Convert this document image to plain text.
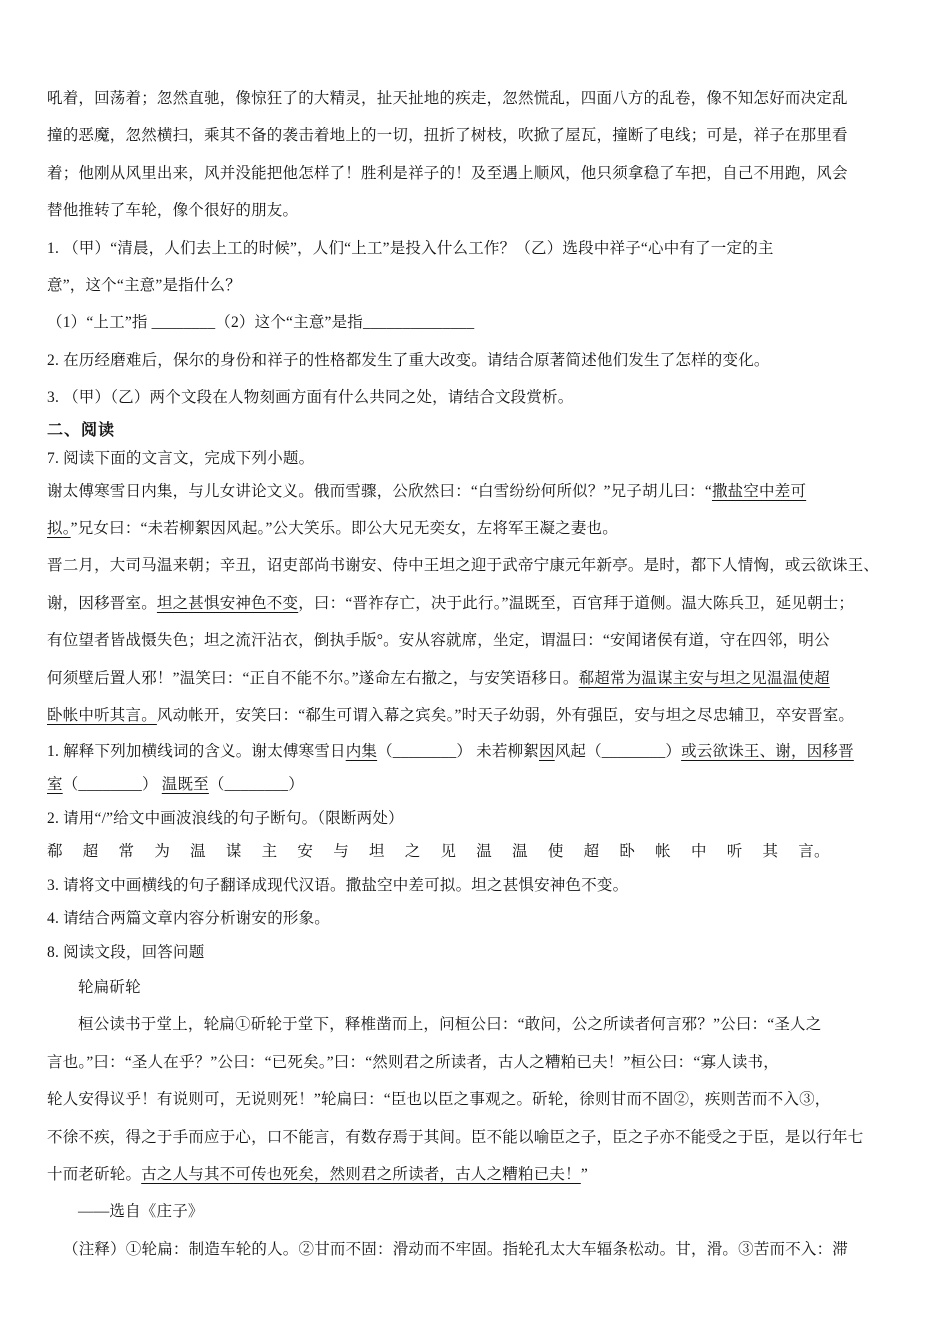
吼着，回荡着；忽然直驰，像惊狂了的大精灵，扯天扯地的疾走，忽然慌乱，四面八方的乱卷，像不知怎好而决定乱
撞的恶魔，忽然横扫，乘其不备的袭击着地上的一切，扭折了树枝，吹掀了屋瓦，撞断了电线；可是，祥子在那里看
着；他刚从风里出来，风并没能把他怎样了！胜利是祥子的！及至遇上顺风，他只须拿稳了车把，自己不用跑，风会
替他推转了车轮，像个很好的朋友。
1. （甲）“清晨，人们去上工的时候”，人们“上工”是投入什么工作？（乙）选段中祥子“心中有了一定的主
意”，这个“主意”是指什么？
（1）“上工”指 ________（2）这个“主意”是指______________
2. 在历经磨难后，保尔的身份和祥子的性格都发生了重大改变。请结合原著简述他们发生了怎样的变化。
3. （甲）（乙）两个文段在人物刻画方面有什么共同之处，请结合文段赏析。
二、阅读
7. 阅读下面的文言文，完成下列小题。
谢太傅寒雪日内集，与儿女讲论文义。俄而雪骤，公欣然曰：“白雪纷纷何所似？”兄子胡儿曰：“撒盐空中差可
拟。”兄女曰：“未若柳絮因风起。”公大笑乐。即公大兄无奕女，左将军王凝之妻也。
晋二月，大司马温来朝；辛丑，诏吏部尚书谢安、侍中王坦之迎于武帝宁康元年新亭。是时，都下人情恟，或云欲诛王、
谢，因移晋室。坦之甚惧安神色不变，曰：“晋祚存亡，决于此行。”温既至，百官拜于道侧。温大陈兵卫，延见朝士；
有位望者皆战慑失色；坦之流汗沾衣，倒执手版°。安从容就席，坐定，谓温曰：“安闻诸侯有道，守在四邻，明公
何须壁后置人邪！”温笑曰：“正自不能不尔。”遂命左右撤之，与安笑语移日。郗超常为温谋主安与坦之见温温使超
卧帐中听其言。风动帐开，安笑曰：“郗生可谓入幕之宾矣。”时天子幼弱，外有强臣，安与坦之尽忠辅卫，卒安晋室。
1. 解释下列加横线词的含义。谢太傅寒雪日内集（________） 未若柳絮因风起（________）或云欲诛王、谢，因移晋
室（________） 温既至（________）
2. 请用“/”给文中画波浪线的句子断句。（限断两处）
郗 超 常 为 温 谋 主 安 与 坦 之 见 温 温 使 超 卧 帐 中 听 其 言。
3. 请将文中画横线的句子翻译成现代汉语。撒盐空中差可拟。坦之甚惧安神色不变。
4. 请结合两篇文章内容分析谢安的形象。
8. 阅读文段，回答问题
轮扁斫轮
桓公读书于堂上，轮扁①斫轮于堂下，释椎凿而上，问桓公曰：“敢问，公之所读者何言邪？”公曰：“圣人之
言也。”曰：“圣人在乎？”公曰：“已死矣。”曰：“然则君之所读者，古人之糟粕已夫！”桓公曰：“寡人读书，
轮人安得议乎！有说则可，无说则死！”轮扁曰：“臣也以臣之事观之。斫轮，徐则甘而不固②，疾则苦而不入③，
不徐不疾，得之于手而应于心，口不能言，有数存焉于其间。臣不能以喻臣之子，臣之子亦不能受之于臣，是以行年七
十而老斫轮。古之人与其不可传也死矣，然则君之所读者，古人之糟粕已夫！”
——选自《庄子》
（注释）①轮扁：制造车轮的人。②甘而不固：滑动而不牢固。指轮孔太大车辐条松动。甘，滑。③苦而不入：滞
